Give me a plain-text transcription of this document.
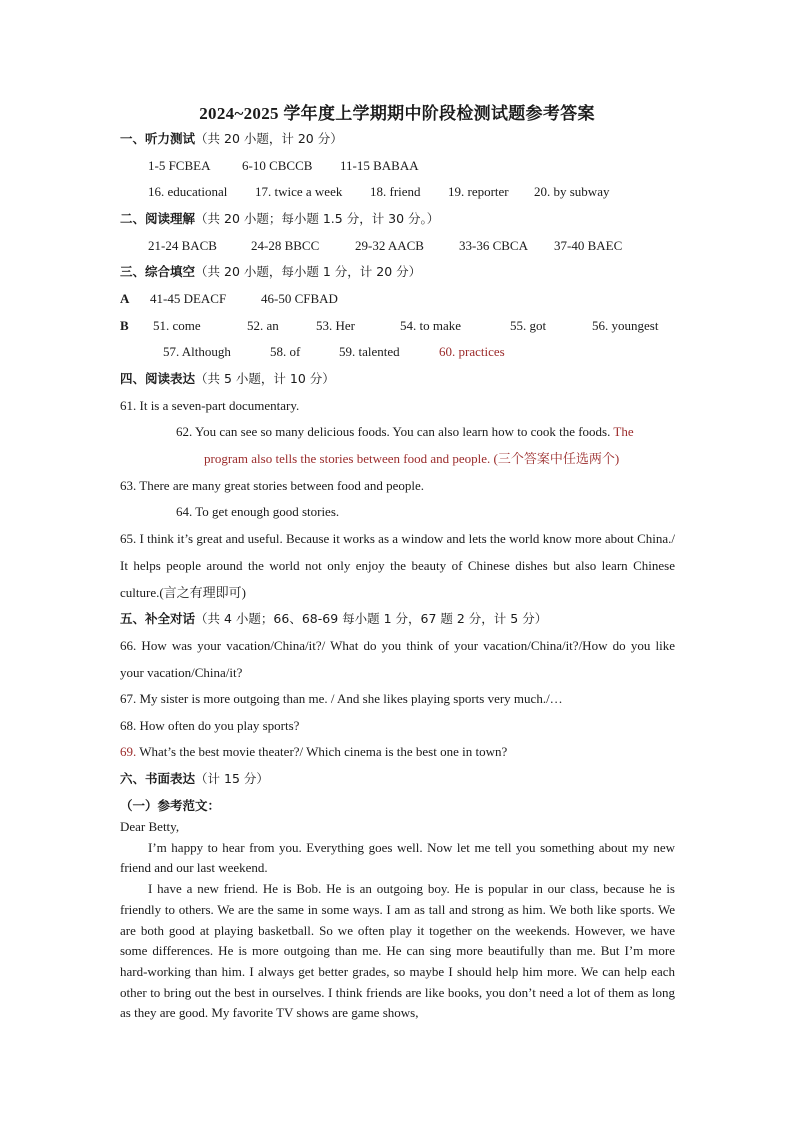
2024~2025 学年度上学期期中阶段检测试题参考答案
一、听力测试（共 20 小题，计 20 分）
1-5 FCBEA 6-10 CBCCB 11-15 BABAA
16. educational 17. twice a week 18. friend 19. reporter 20. by subway
二、阅读理解（共 20 小题；每小题 1.5 分，计 30 分。）
21-24 BACB	24-28 BBCC	29-32 AACB	33-36 CBCA 37-40 BAEC
三、综合填空（共 20 小题，每小题 1 分，计 20 分）
A 41-45 DEACF	46-50 CFBAD
B 51. come	52. an	53. Her	54. to make	55. got	56. youngest
57. Although	58. of	59. talented	60. practices
四、阅读表达（共 5 小题，计 10 分）
61. It is a seven-part documentary.
62. You can see so many delicious foods. You can also learn how to cook the foods. The
program also tells the stories between food and people. (三个答案中任选两个)
63. There are many great stories between food and people.
64. To get enough good stories.
65. I think it’s great and useful. Because it works as a window and lets the world know more about China./ It helps people around the world not only enjoy the beauty of Chinese dishes but also learn Chinese culture.(言之有理即可)
五、补全对话（共 4 小题；66、68-69 每小题 1 分，67 题 2 分，计 5 分）
66. How was your vacation/China/it?/ What do you think of your vacation/China/it?/How do you like your vacation/China/it?
67. My sister is more outgoing than me. / And she likes playing sports very much./…
68. How often do you play sports?
69. What’s the best movie theater?/ Which cinema is the best one in town?
六、书面表达（计 15 分）
（一）参考范文：

Dear Betty,

I’m happy to hear from you. Everything goes well. Now let me tell you something about my new friend and our last weekend.

I have a new friend. He is Bob. He is an outgoing boy. He is popular in our class, because he is friendly to others. We are the same in some ways. I am as tall and strong as him. We both like sports. We are both good at playing basketball. So we often play it together on the weekends. However, we have some differences. He is more outgoing than me. He can sing more beautifully than me. But I’m more hard-working than him. I always get better grades, so maybe I should help him more. We can help each other to bring out the best in ourselves. I think friends are like books, you don’t need a lot of them as long as they are good. My favorite TV shows are game shows,
